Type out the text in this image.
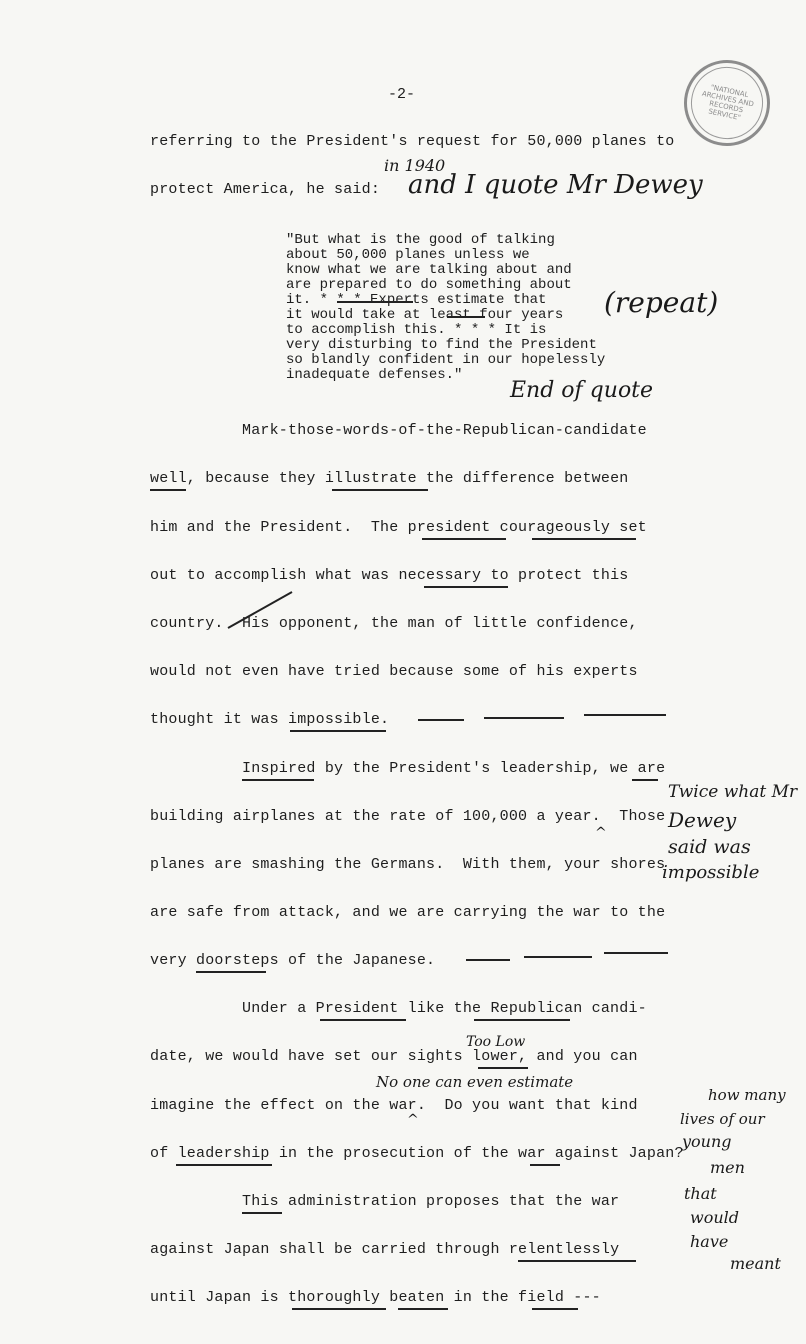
"NATIONAL ARCHIVES AND RECORDS SERVICE"
-2-
referring to the President's request for 50,000 planes to
protect America, he said:
in 1940
and I quote Mr Dewey
"But what is the good of talking
about 50,000 planes unless we
know what we are talking about and
are prepared to do something about
it. * * * Experts estimate that
it would take at least four years
to accomplish this. * * * It is
very disturbing to find the President
so blandly confident in our hopelessly
inadequate defenses."
(repeat)
End of quote
Mark-those-words-of-the-Republican-candidate
well, because they illustrate the difference between
him and the President.  The president courageously set
out to accomplish what was necessary to protect this
country.  His opponent, the man of little confidence,
would not even have tried because some of his experts
thought it was impossible.
Inspired by the President's leadership, we are
building airplanes at the rate of 100,000 a year.  Those
planes are smashing the Germans.  With them, your shores
are safe from attack, and we are carrying the war to the
very doorsteps of the Japanese.
Under a President like the Republican candi-
date, we would have set our sights lower, and you can
imagine the effect on the war.  Do you want that kind
of leadership in the prosecution of the war against Japan?
This administration proposes that the war
against Japan shall be carried through relentlessly
until Japan is thoroughly beaten in the field ---
Twice what Mr
Dewey
said was
impossible
Too Low
No one can even estimate
how many
lives of our
young
men
that
would
have
meant
^
^
